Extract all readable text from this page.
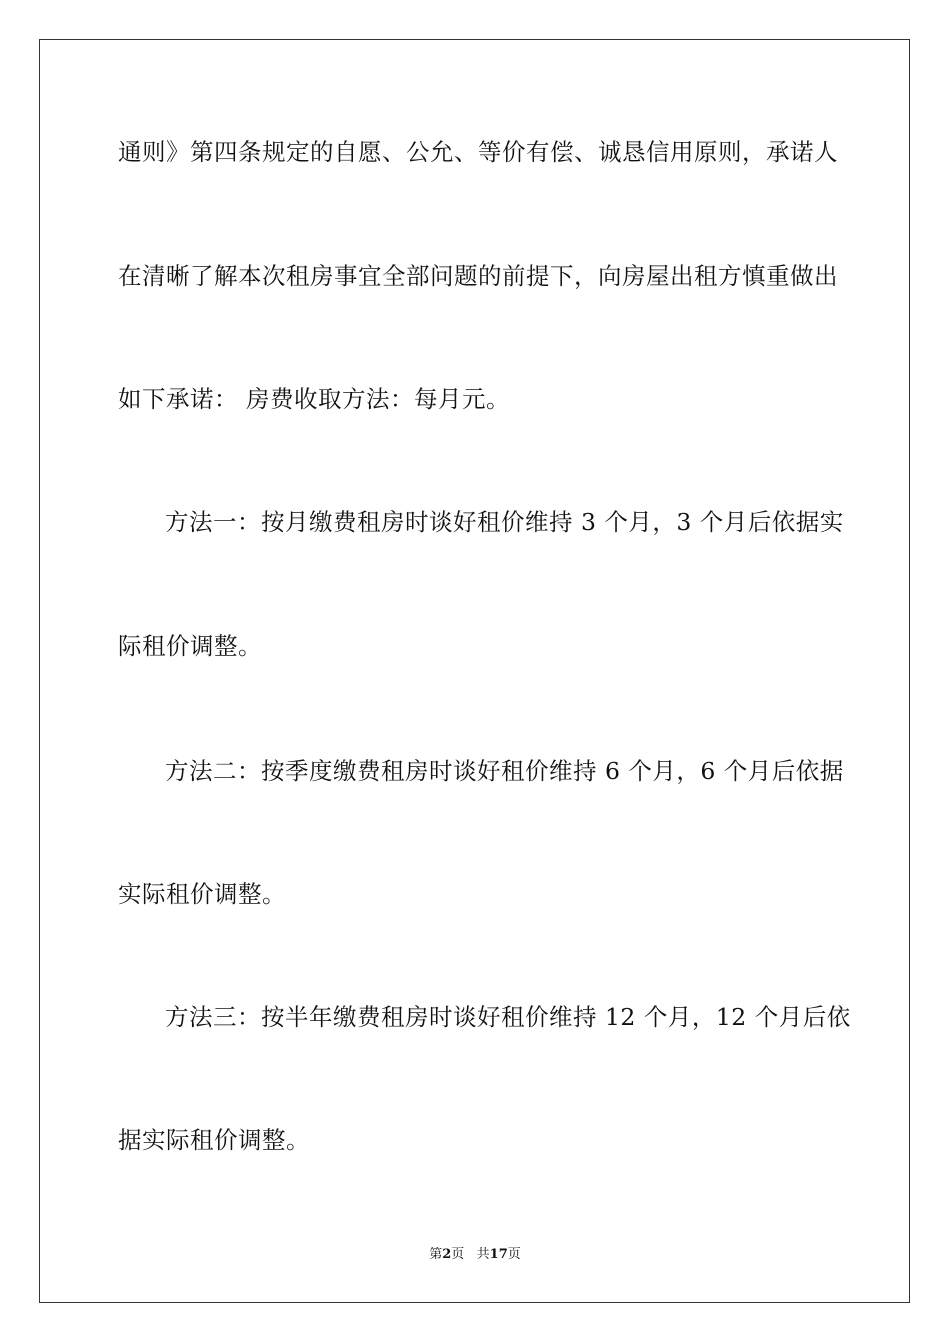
通则》第四条规定的自愿、公允、等价有偿、诚恳信用原则，承诺人
在清晰了解本次租房事宜全部问题的前提下，向房屋出租方慎重做出
如下承诺： 房费收取方法：每月元。
方法一：按月缴费租房时谈好租价维持 3 个月，3 个月后依据实
际租价调整。
方法二：按季度缴费租房时谈好租价维持 6 个月，6 个月后依据
实际租价调整。
方法三：按半年缴费租房时谈好租价维持 12 个月，12 个月后依
据实际租价调整。
第2页   共17页
